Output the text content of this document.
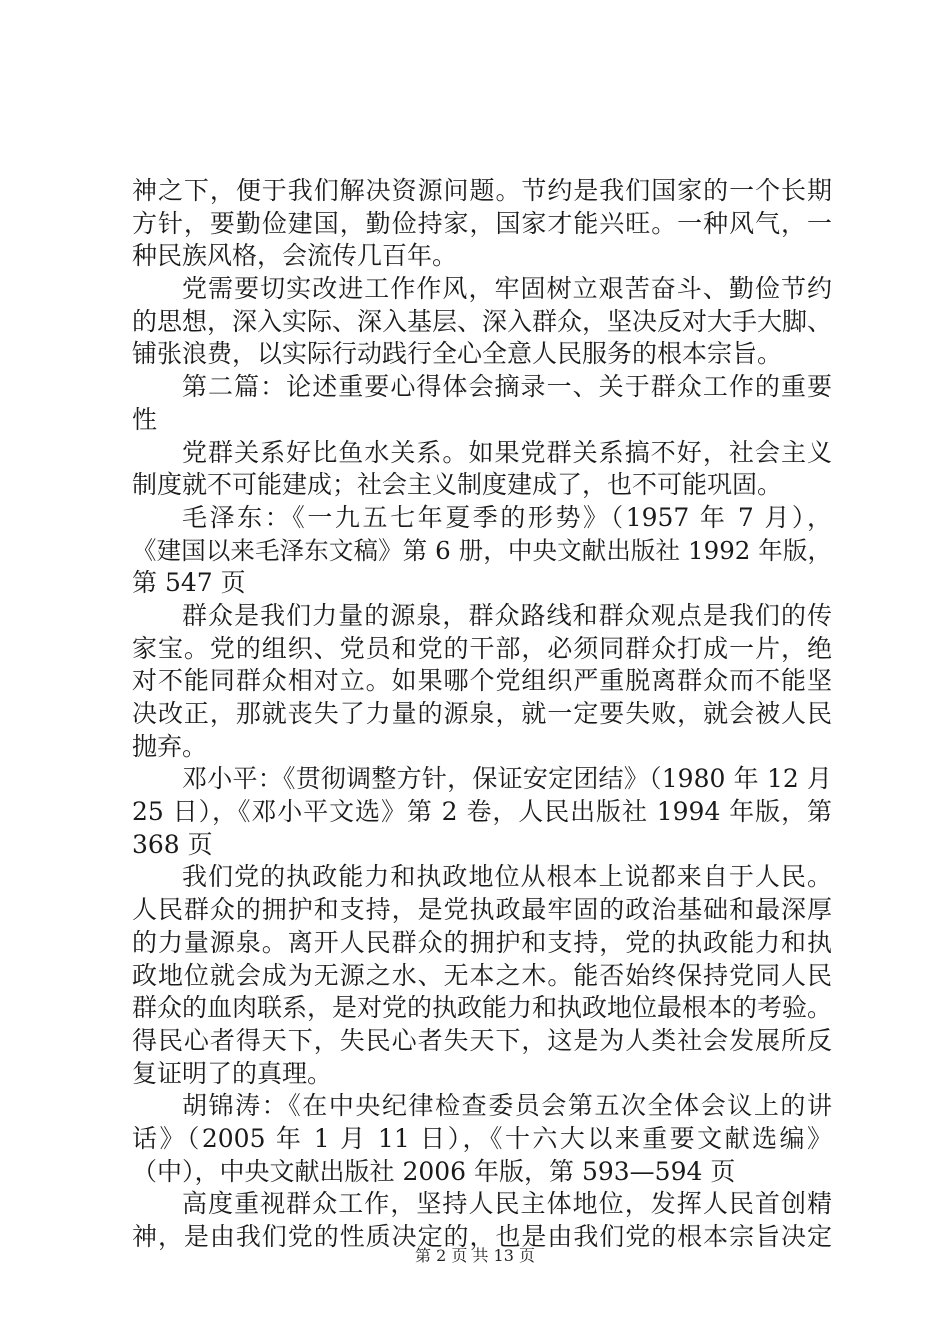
神之下，便于我们解决资源问题。节约是我们国家的一个长期
方针，要勤俭建国，勤俭持家，国家才能兴旺。一种风气，一
种民族风格，会流传几百年。
党需要切实改进工作作风，牢固树立艰苦奋斗、勤俭节约
的思想，深入实际、深入基层、深入群众，坚决反对大手大脚、
铺张浪费，以实际行动践行全心全意人民服务的根本宗旨。
第二篇：论述重要心得体会摘录一、关于群众工作的重要
性
党群关系好比鱼水关系。如果党群关系搞不好，社会主义
制度就不可能建成；社会主义制度建成了，也不可能巩固。
毛泽东：《一九五七年夏季的形势》（1957 年 7 月），
《建国以来毛泽东文稿》第 6 册，中央文献出版社 1992 年版，
第 547 页
群众是我们力量的源泉，群众路线和群众观点是我们的传
家宝。党的组织、党员和党的干部，必须同群众打成一片，绝
对不能同群众相对立。如果哪个党组织严重脱离群众而不能坚
决改正，那就丧失了力量的源泉，就一定要失败，就会被人民
抛弃。
邓小平：《贯彻调整方针，保证安定团结》（1980 年 12 月
25 日），《邓小平文选》第 2 卷，人民出版社 1994 年版，第
368 页
我们党的执政能力和执政地位从根本上说都来自于人民。
人民群众的拥护和支持，是党执政最牢固的政治基础和最深厚
的力量源泉。离开人民群众的拥护和支持，党的执政能力和执
政地位就会成为无源之水、无本之木。能否始终保持党同人民
群众的血肉联系，是对党的执政能力和执政地位最根本的考验。
得民心者得天下，失民心者失天下，这是为人类社会发展所反
复证明了的真理。
胡锦涛：《在中央纪律检查委员会第五次全体会议上的讲
话》（2005 年 1 月 11 日），《十六大以来重要文献选编》
（中），中央文献出版社 2006 年版，第 593—594 页
高度重视群众工作，坚持人民主体地位，发挥人民首创精
神，是由我们党的性质决定的，也是由我们党的根本宗旨决定
第 2 页 共 13 页
